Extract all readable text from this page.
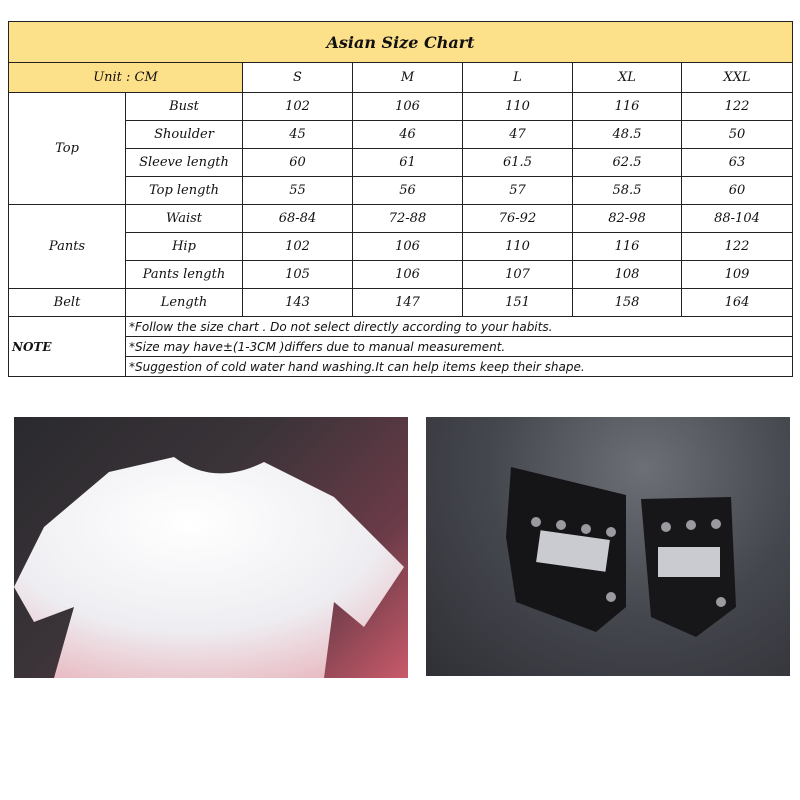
Asian Size Chart						
Unit : CM		S	M	L	XL	XXL
Top	Bust	102	106	110	116	122
	Shoulder	45	46	47	48.5	50
	Sleeve length	60	61	61.5	62.5	63
	Top length	55	56	57	58.5	60
Pants	Waist	68-84	72-88	76-92	82-98	88-104
	Hip	102	106	110	116	122
	Pants length	105	106	107	108	109
Belt	Length	143	147	151	158	164
NOTE	*Follow the size chart . Do not select directly according to your habits.					
	*Size may have±(1-3CM )differs due to manual measurement.					
	*Suggestion of cold water hand washing.It can help items keep their shape.					
